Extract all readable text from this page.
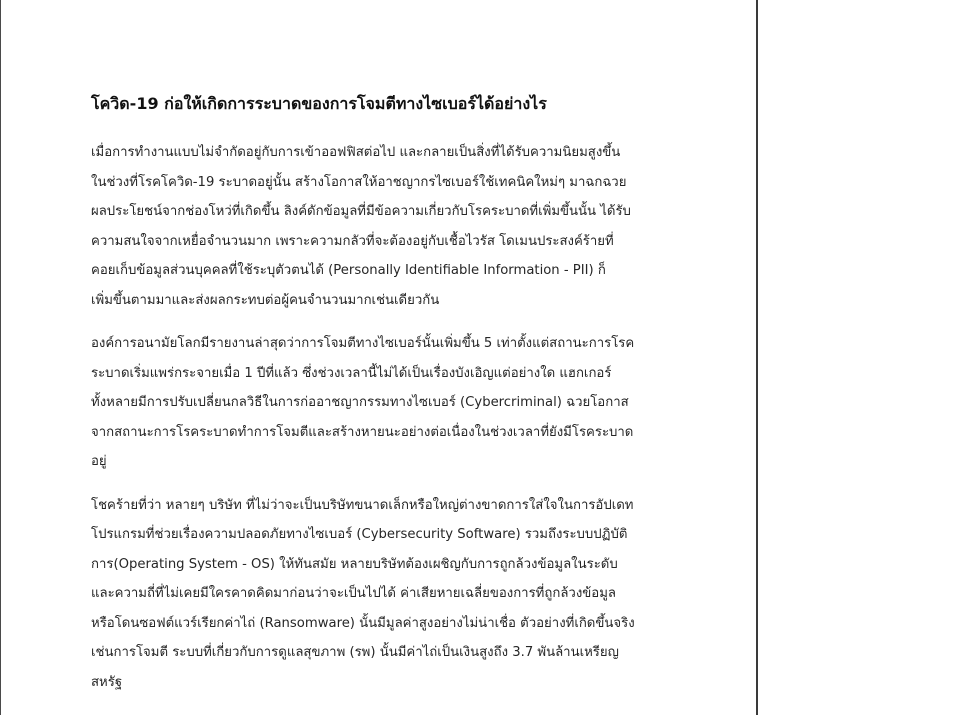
โควิด-19 ก่อให้เกิดการระบาดของการโจมตีทางไซเบอร์ได้อย่างไร
เมื่อการทำงานแบบไม่จำกัดอยู่กับการเข้าออฟฟิสต่อไป และกลายเป็นสิ่งที่ได้รับความนิยมสูงขึ้น
ในช่วงที่โรคโควิด-19 ระบาดอยู่นั้น สร้างโอกาสให้อาชญากรไซเบอร์ใช้เทคนิคใหม่ๆ มาฉกฉวย
ผลประโยชน์จากช่องโหว่ที่เกิดขึ้น ลิงค์ดักข้อมูลที่มีข้อความเกี่ยวกับโรคระบาดที่เพิ่มขึ้นนั้น ได้รับ
ความสนใจจากเหยื่อจำนวนมาก เพราะความกลัวที่จะต้องอยู่กับเชื้อไวรัส โดเมนประสงค์ร้ายที่
คอยเก็บข้อมูลส่วนบุคคลที่ใช้ระบุตัวตนได้ (Personally Identifiable Information - PII) ก็
เพิ่มขึ้นตามมาและส่งผลกระทบต่อผู้คนจำนวนมากเช่นเดียวกัน
องค์การอนามัยโลกมีรายงานล่าสุดว่าการโจมตีทางไซเบอร์นั้นเพิ่มขึ้น 5 เท่าตั้งแต่สถานะการโรค
ระบาดเริ่มแพร่กระจายเมื่อ 1 ปีที่แล้ว ซึ่งช่วงเวลานี้ไม่ได้เป็นเรื่องบังเอิญแต่อย่างใด แฮกเกอร์
ทั้งหลายมีการปรับเปลี่ยนกลวิธีในการก่ออาชญากรรมทางไซเบอร์ (Cybercriminal) ฉวยโอกาส
จากสถานะการโรคระบาดทำการโจมตีและสร้างหายนะอย่างต่อเนื่องในช่วงเวลาที่ยังมีโรคระบาด
อยู่
โชคร้ายที่ว่า หลายๆ บริษัท ที่ไม่ว่าจะเป็นบริษัทขนาดเล็กหรือใหญ่ต่างขาดการใส่ใจในการอัปเดท
โปรแกรมที่ช่วยเรื่องความปลอดภัยทางไซเบอร์ (Cybersecurity Software) รวมถึงระบบปฏิบัติ
การ(Operating System - OS) ให้ทันสมัย หลายบริษัทต้องเผชิญกับการถูกล้วงข้อมูลในระดับ
และความถี่ที่ไม่เคยมีใครคาดคิดมาก่อนว่าจะเป็นไปได้ ค่าเสียหายเฉลี่ยของการที่ถูกล้วงข้อมูล
หรือโดนซอฟต์แวร์เรียกค่าไถ่ (Ransomware) นั้นมีมูลค่าสูงอย่างไม่น่าเชื่อ ตัวอย่างที่เกิดขึ้นจริง
เช่นการโจมตี ระบบที่เกี่ยวกับการดูแลสุขภาพ (รพ) นั้นมีค่าไถ่เป็นเงินสูงถึง 3.7 พันล้านเหรียญ
สหรัฐ
